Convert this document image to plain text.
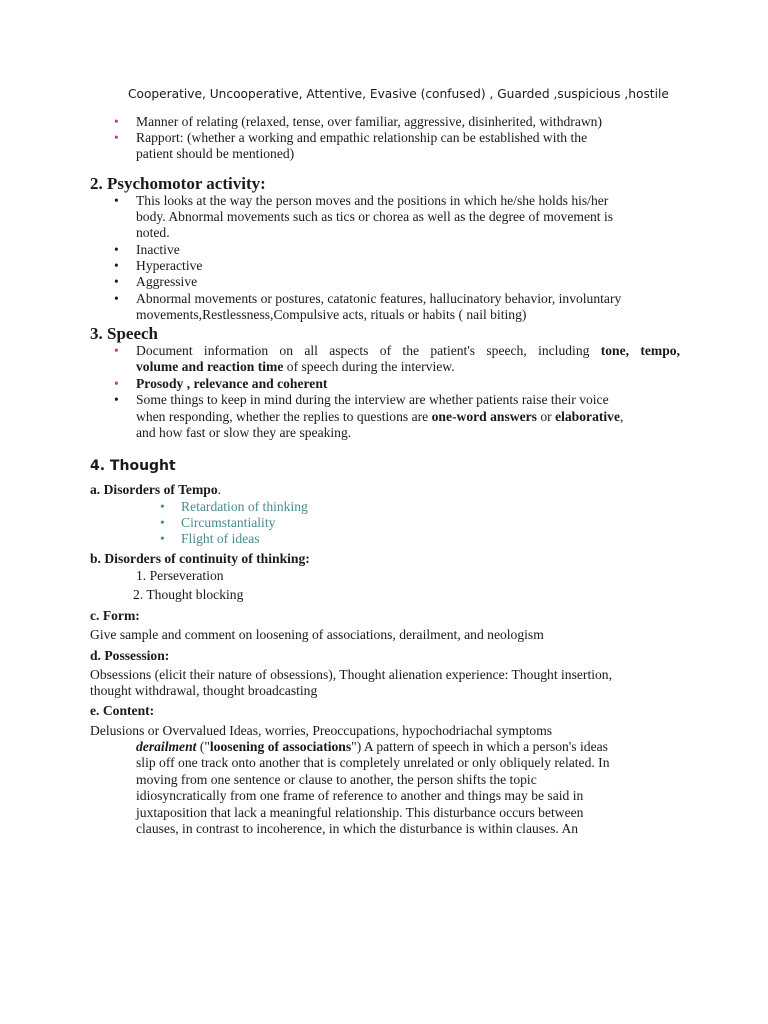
Cooperative, Uncooperative, Attentive, Evasive (confused) , Guarded ,suspicious ,hostile
• Manner of relating (relaxed, tense, over familiar, aggressive, disinherited, withdrawn)
• Rapport: (whether a working and empathic relationship can be established with the
patient should be mentioned)
2. Psychomotor activity:
• This looks at the way the person moves and the positions in which he/she holds his/her
body. Abnormal movements such as tics or chorea as well as the degree of movement is
noted.
• Inactive
• Hyperactive
• Aggressive
• Abnormal movements or postures, catatonic features, hallucinatory behavior, involuntary
movements,Restlessness,Compulsive acts, rituals or habits ( nail biting)
3. Speech
• Document information on all aspects of the patient's speech, including tone, tempo,
volume and reaction time of speech during the interview.
• Prosody , relevance and coherent
• Some things to keep in mind during the interview are whether patients raise their voice
when responding, whether the replies to questions are one-word answers or elaborative,
and how fast or slow they are speaking.
4. Thought
a. Disorders of Tempo.
• Retardation of thinking
• Circumstantiality
• Flight of ideas
b. Disorders of continuity of thinking:
1. Perseveration
2. Thought blocking
c. Form:
Give sample and comment on loosening of associations, derailment, and neologism
d. Possession:
Obsessions (elicit their nature of obsessions), Thought alienation experience: Thought insertion,
thought withdrawal, thought broadcasting
e. Content:
Delusions or Overvalued Ideas, worries, Preoccupations, hypochodriachal symptoms
derailment ("loosening of associations") A pattern of speech in which a person's ideas
slip off one track onto another that is completely unrelated or only obliquely related. In
moving from one sentence or clause to another, the person shifts the topic
idiosyncratically from one frame of reference to another and things may be said in
juxtaposition that lack a meaningful relationship. This disturbance occurs between
clauses, in contrast to incoherence, in which the disturbance is within clauses. An
